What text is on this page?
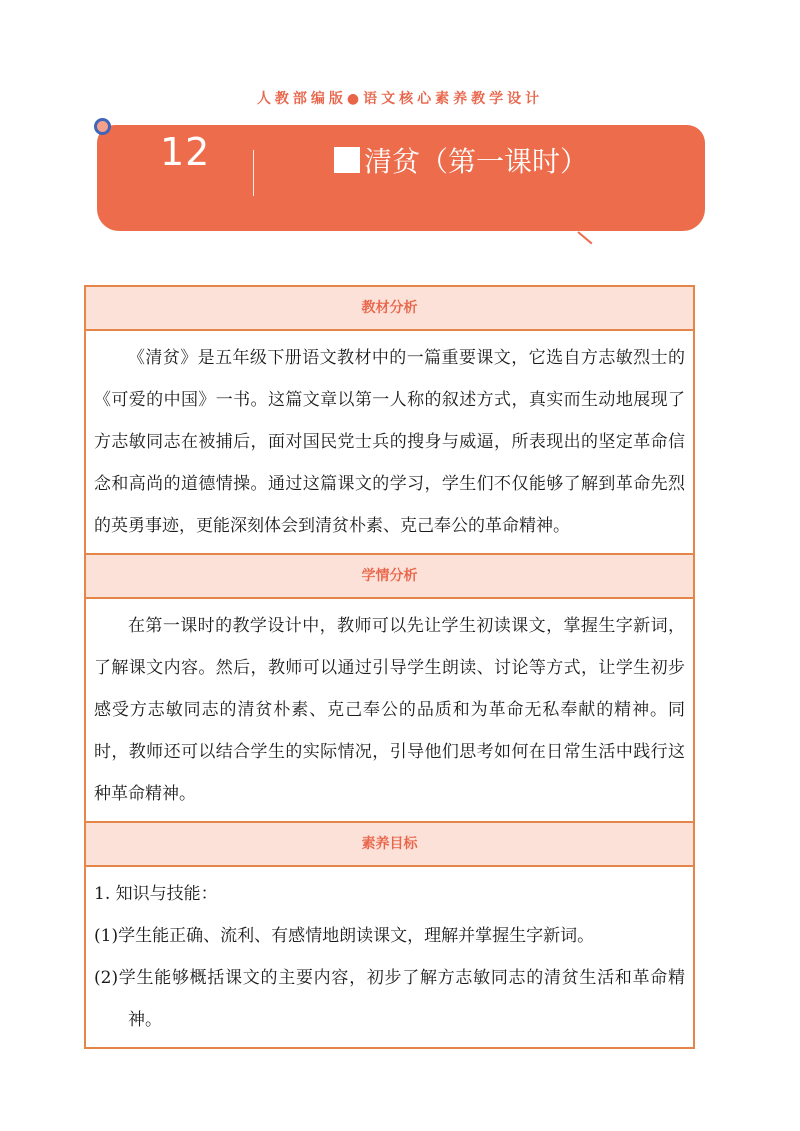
人教部编版●语文核心素养教学设计
12	清贫（第一课时）
教材分析

《清贫》是五年级下册语文教材中的一篇重要课文，它选自方志敏烈士的《可爱的中国》一书。这篇文章以第一人称的叙述方式，真实而生动地展现了方志敏同志在被捕后，面对国民党士兵的搜身与威逼，所表现出的坚定革命信念和高尚的道德情操。通过这篇课文的学习，学生们不仅能够了解到革命先烈的英勇事迹，更能深刻体会到清贫朴素、克己奉公的革命精神。

学情分析

在第一课时的教学设计中，教师可以先让学生初读课文，掌握生字新词，了解课文内容。然后，教师可以通过引导学生朗读、讨论等方式，让学生初步感受方志敏同志的清贫朴素、克己奉公的品质和为革命无私奉献的精神。同时，教师还可以结合学生的实际情况，引导他们思考如何在日常生活中践行这种革命精神。

素养目标

1. 知识与技能：

(1)学生能正确、流利、有感情地朗读课文，理解并掌握生字新词。

(2)学生能够概括课文的主要内容，初步了解方志敏同志的清贫生活和革命精神。
